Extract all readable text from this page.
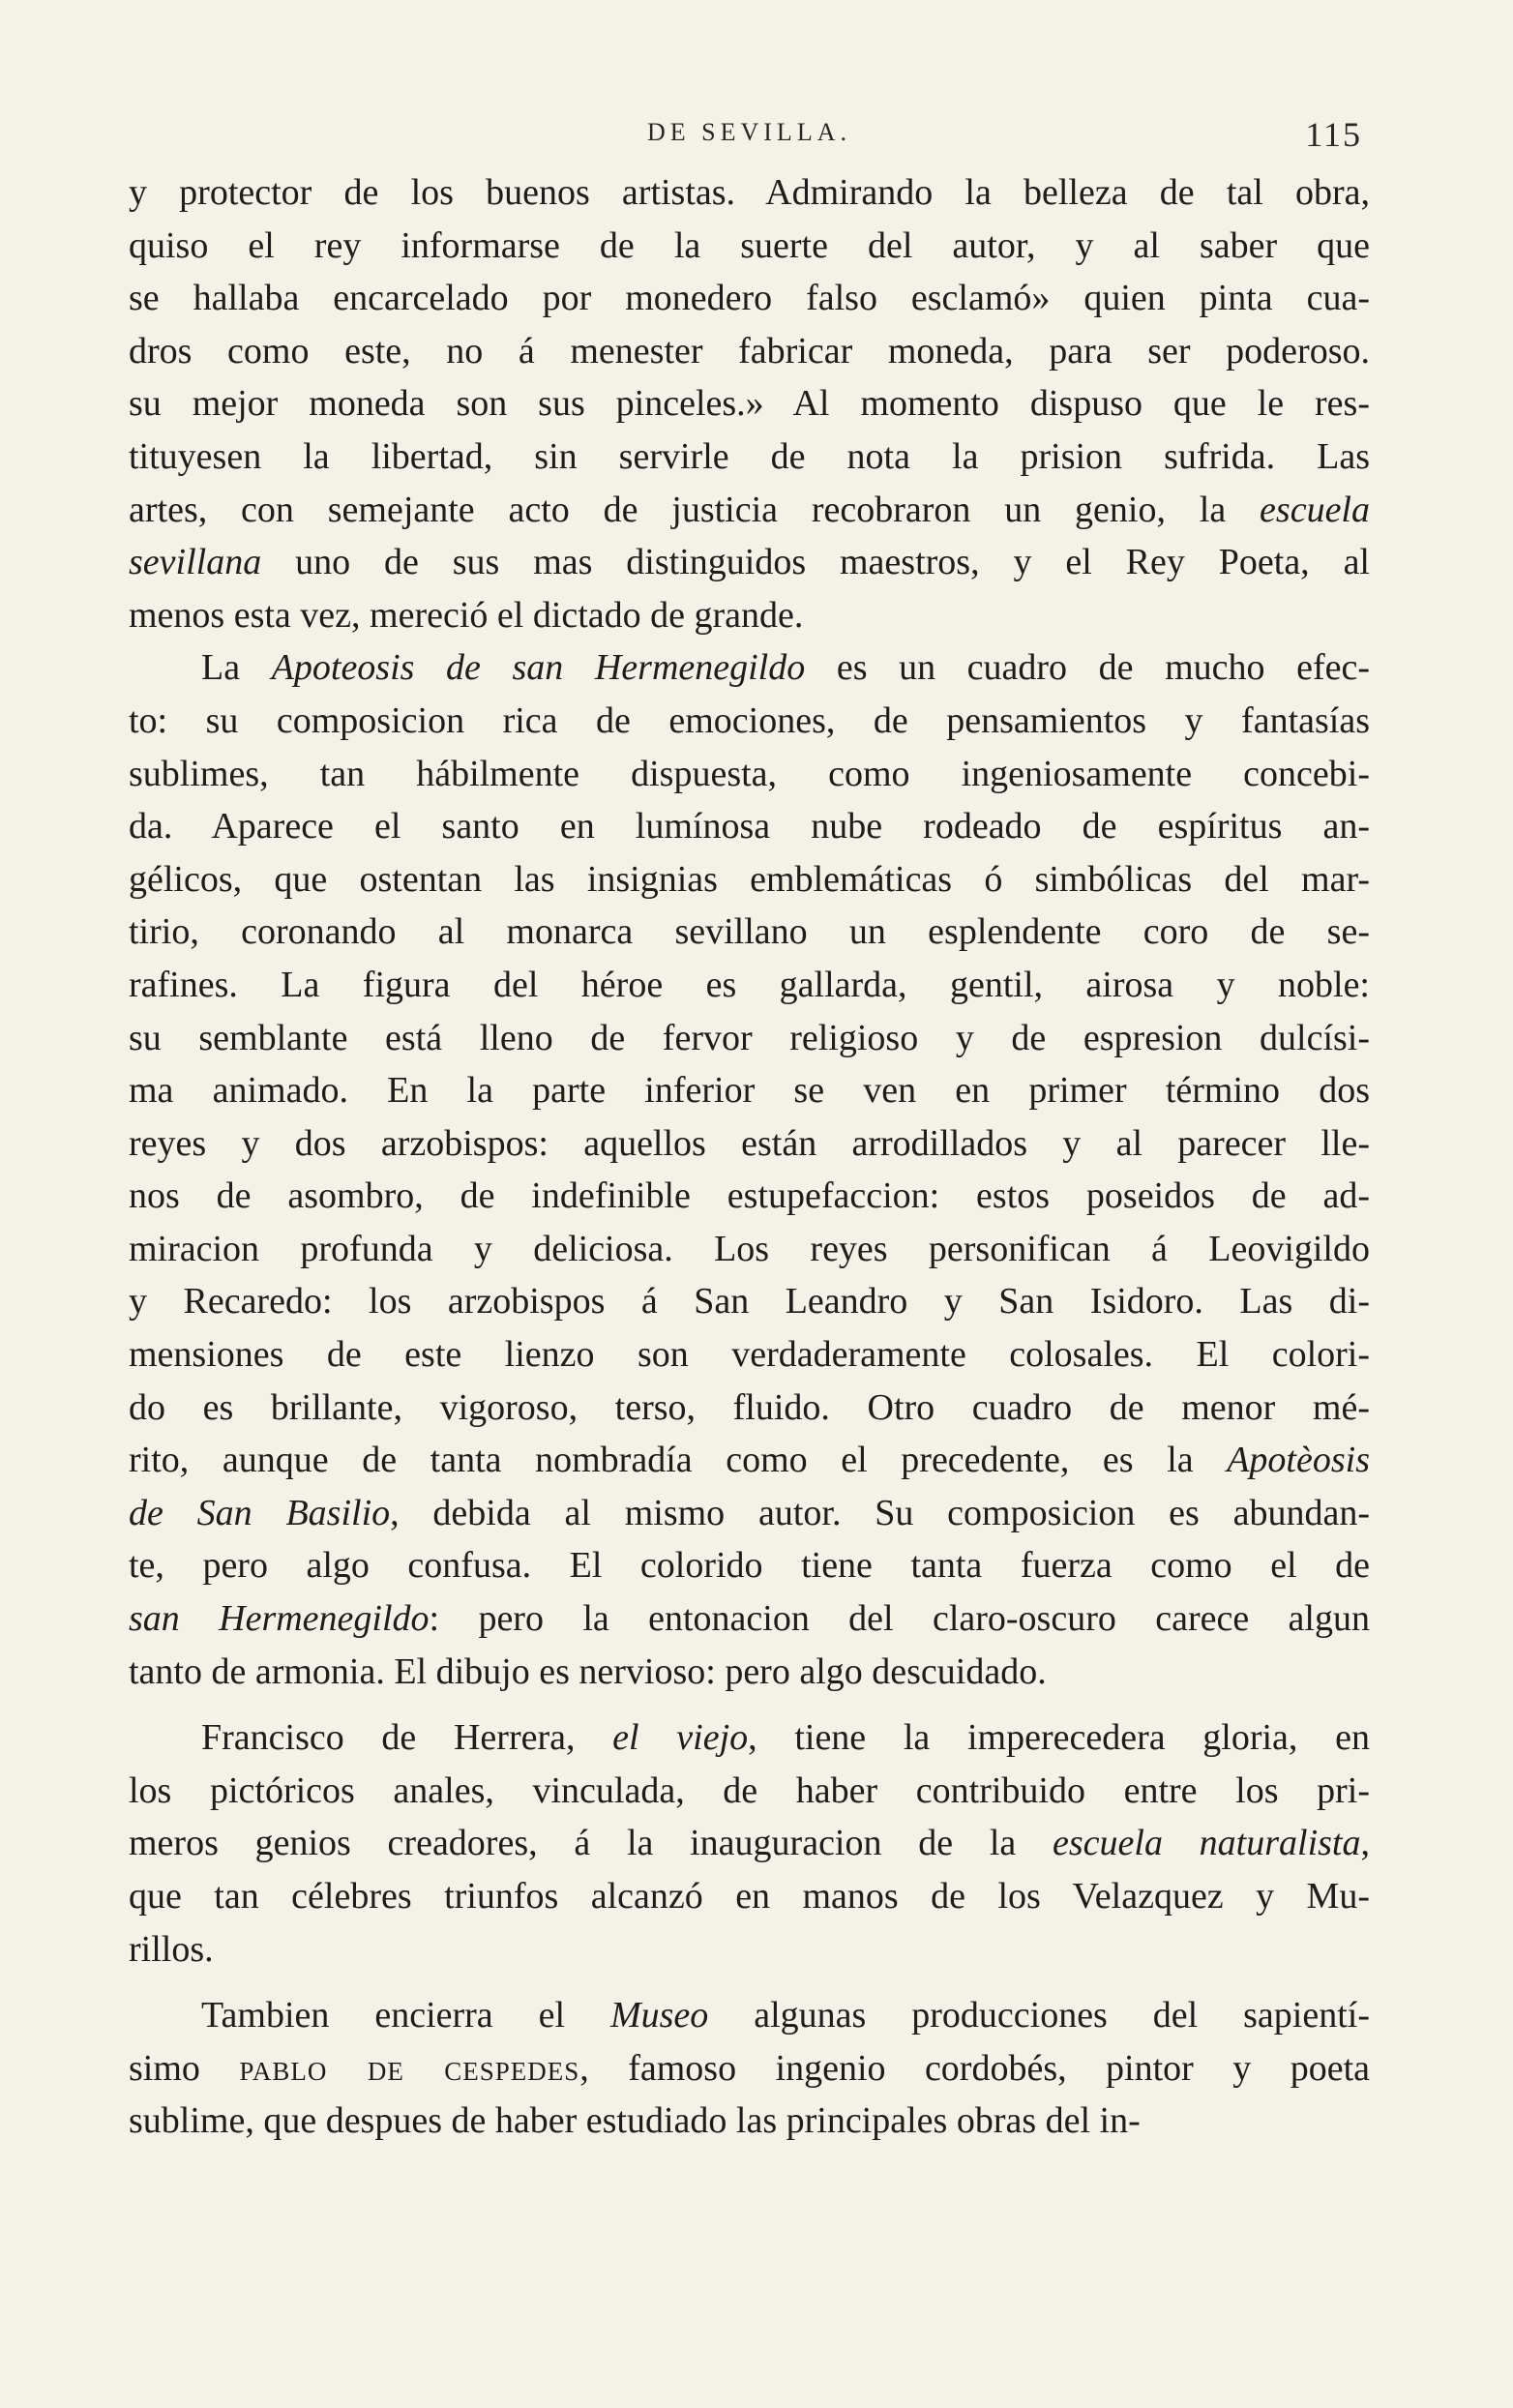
DE SEVILLA.	115
y protector de los buenos artistas. Admirando la belleza de tal obra,
quiso el rey informarse de la suerte del autor, y al saber que
se hallaba encarcelado por monedero falso esclamó» quien pinta cua-
dros como este, no á menester fabricar moneda, para ser poderoso.
su mejor moneda son sus pinceles.» Al momento dispuso que le res-
tituyesen la libertad, sin servirle de nota la prision sufrida. Las
artes, con semejante acto de justicia recobraron un genio, la escuela
sevillana uno de sus mas distinguidos maestros, y el Rey Poeta, al
menos esta vez, mereció el dictado de grande.
La Apoteosis de san Hermenegildo es un cuadro de mucho efec-
to: su composicion rica de emociones, de pensamientos y fantasías
sublimes, tan hábilmente dispuesta, como ingeniosamente concebi-
da. Aparece el santo en lumínosa nube rodeado de espíritus an-
gélicos, que ostentan las insignias emblemáticas ó simbólicas del mar-
tirio, coronando al monarca sevillano un esplendente coro de se-
rafines. La figura del héroe es gallarda, gentil, airosa y noble:
su semblante está lleno de fervor religioso y de espresion dulcísi-
ma animado. En la parte inferior se ven en primer término dos
reyes y dos arzobispos: aquellos están arrodillados y al parecer lle-
nos de asombro, de indefinible estupefaccion: estos poseidos de ad-
miracion profunda y deliciosa. Los reyes personifican á Leovigildo
y Recaredo: los arzobispos á San Leandro y San Isidoro. Las di-
mensiones de este lienzo son verdaderamente colosales. El colori-
do es brillante, vigoroso, terso, fluido. Otro cuadro de menor mé-
rito, aunque de tanta nombradía como el precedente, es la Apotèosis
de San Basilio, debida al mismo autor. Su composicion es abundan-
te, pero algo confusa. El colorido tiene tanta fuerza como el de
san Hermenegildo: pero la entonacion del claro-oscuro carece algun
tanto de armonia. El dibujo es nervioso: pero algo descuidado.
Francisco de Herrera, el viejo, tiene la imperecedera gloria, en
los pictóricos anales, vinculada, de haber contribuido entre los pri-
meros genios creadores, á la inauguracion de la escuela naturalista,
que tan célebres triunfos alcanzó en manos de los Velazquez y Mu-
rillos.
Tambien encierra el Museo algunas producciones del sapientí-
simo pablo de cespedes, famoso ingenio cordobés, pintor y poeta
sublime, que despues de haber estudiado las principales obras del in-
